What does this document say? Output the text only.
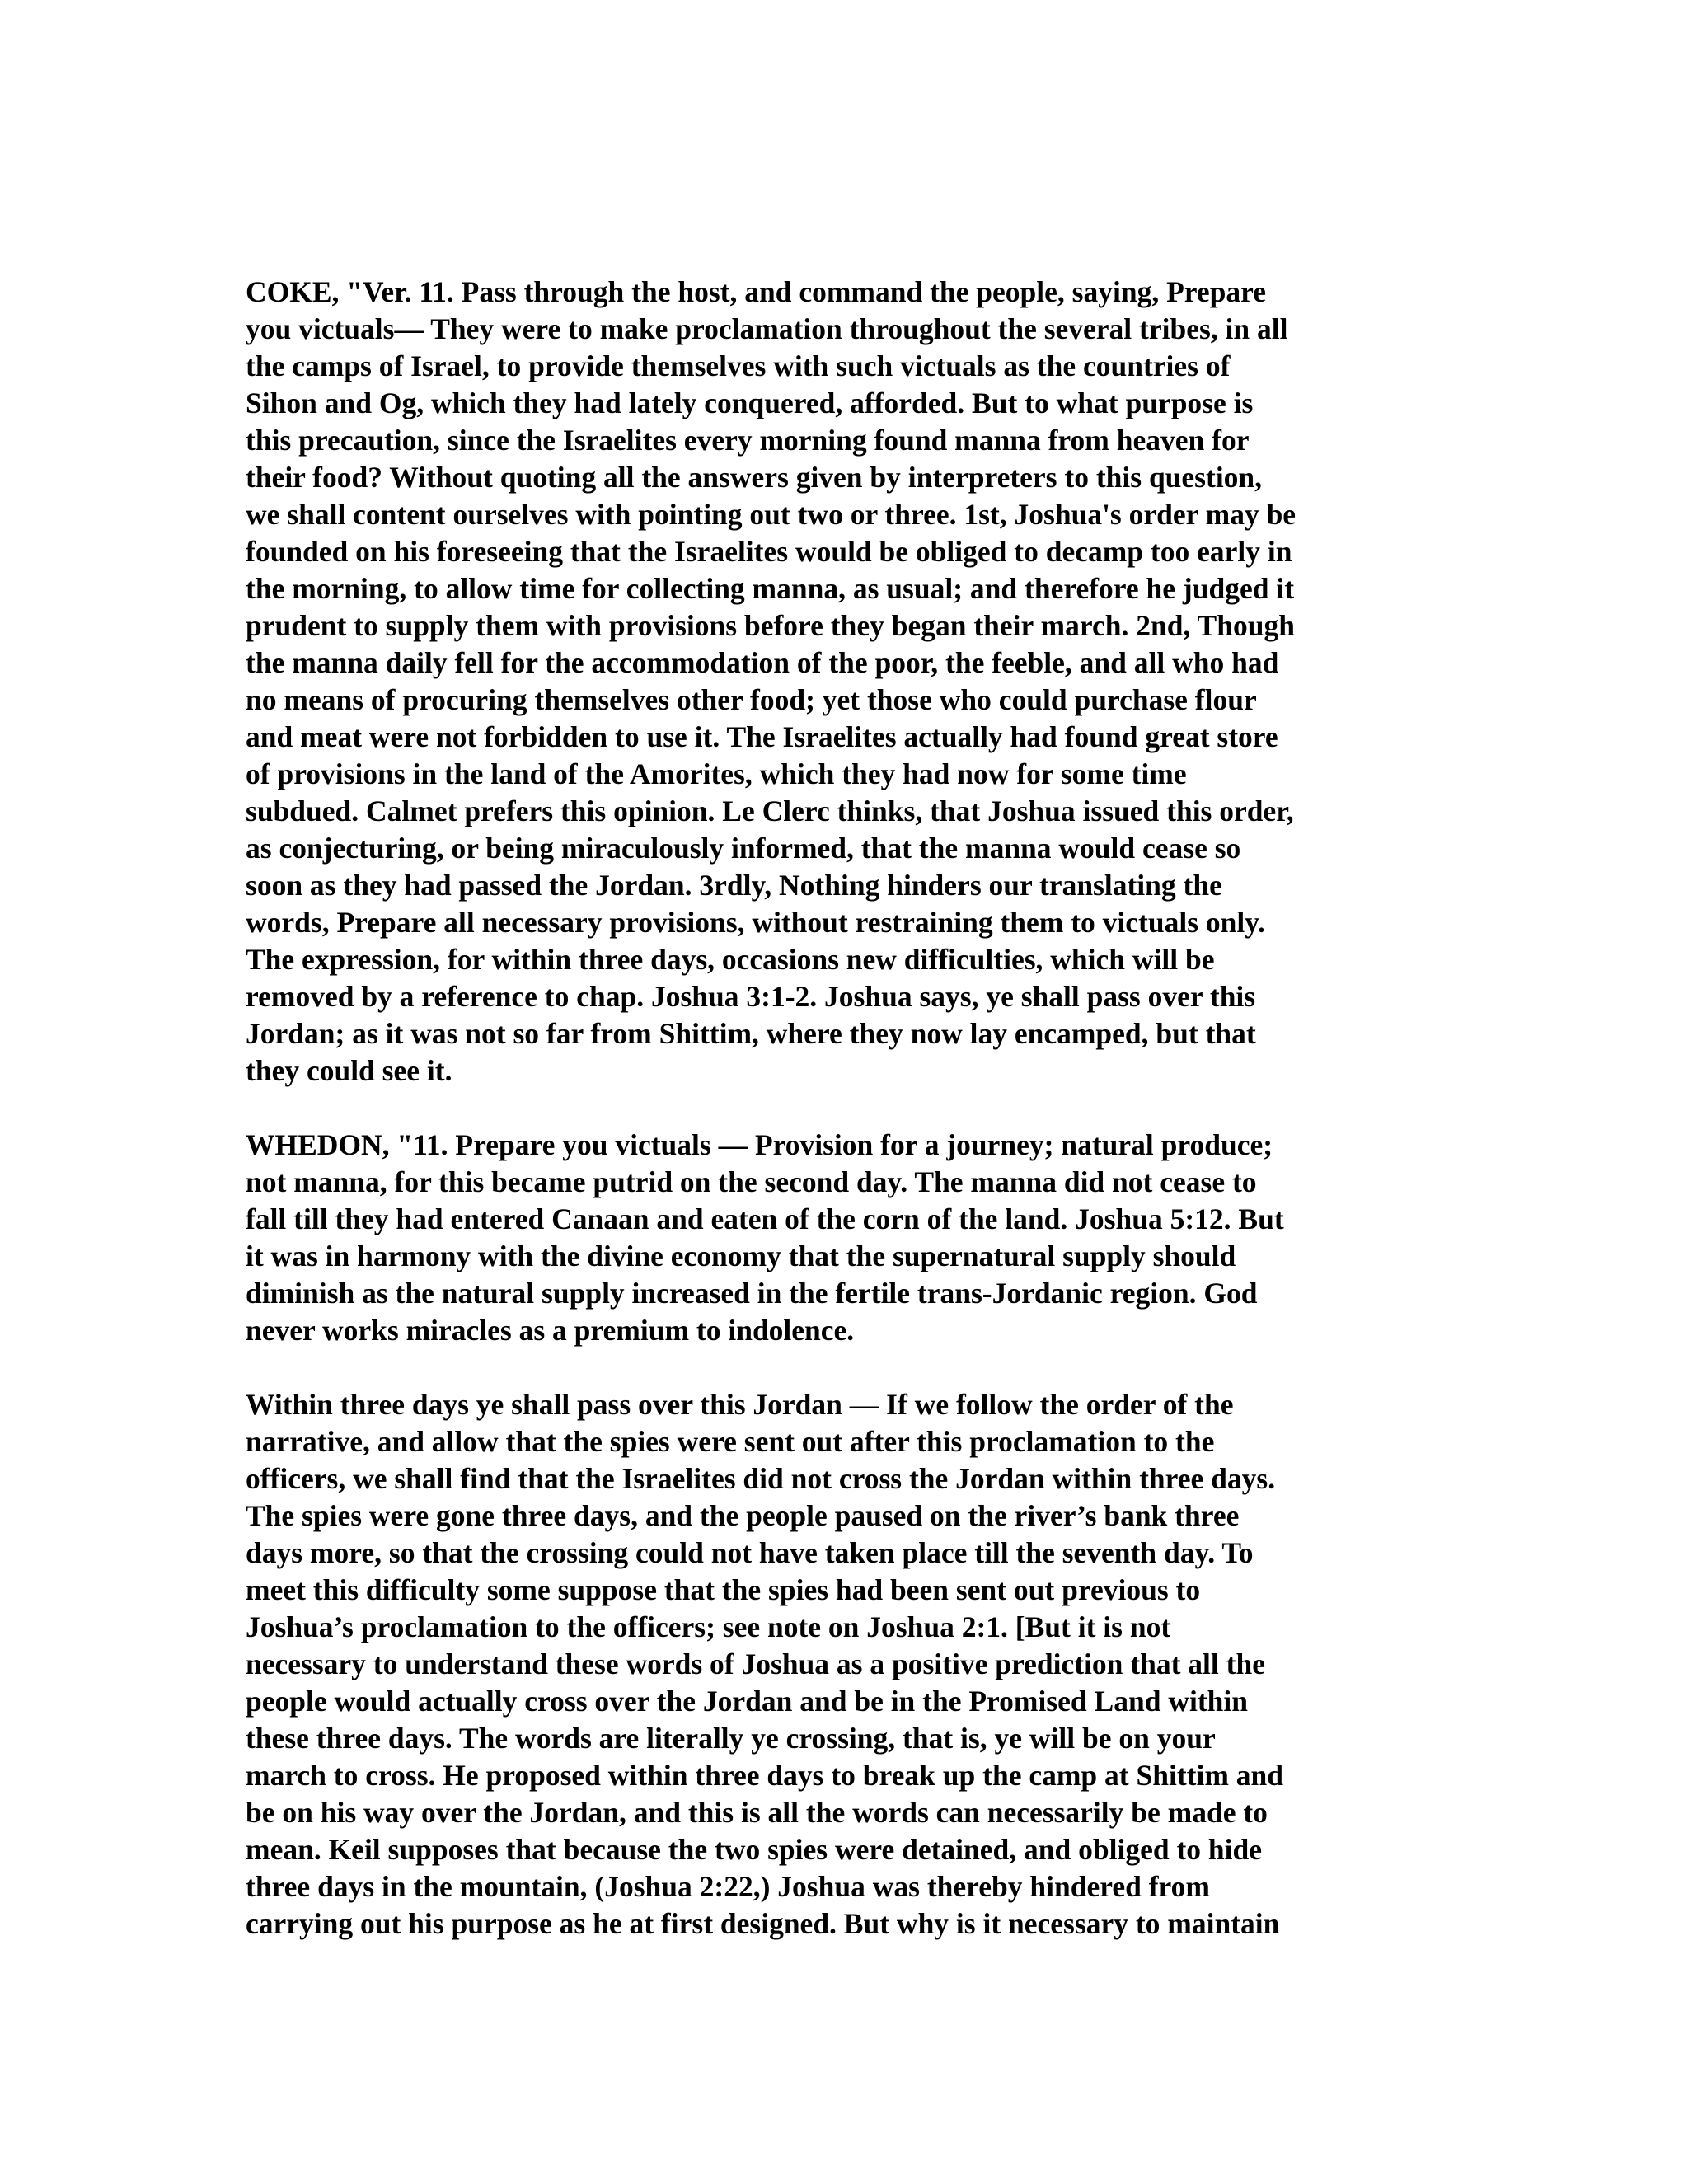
COKE, "Ver. 11. Pass through the host, and command the people, saying, Prepare
you victuals— They were to make proclamation throughout the several tribes, in all
the camps of Israel, to provide themselves with such victuals as the countries of
Sihon and Og, which they had lately conquered, afforded. But to what purpose is
this precaution, since the Israelites every morning found manna from heaven for
their food? Without quoting all the answers given by interpreters to this question,
we shall content ourselves with pointing out two or three. 1st, Joshua's order may be
founded on his foreseeing that the Israelites would be obliged to decamp too early in
the morning, to allow time for collecting manna, as usual; and therefore he judged it
prudent to supply them with provisions before they began their march. 2nd, Though
the manna daily fell for the accommodation of the poor, the feeble, and all who had
no means of procuring themselves other food; yet those who could purchase flour
and meat were not forbidden to use it. The Israelites actually had found great store
of provisions in the land of the Amorites, which they had now for some time
subdued. Calmet prefers this opinion. Le Clerc thinks, that Joshua issued this order,
as conjecturing, or being miraculously informed, that the manna would cease so
soon as they had passed the Jordan. 3rdly, Nothing hinders our translating the
words, Prepare all necessary provisions, without restraining them to victuals only.
The expression, for within three days, occasions new difficulties, which will be
removed by a reference to chap. Joshua 3:1-2. Joshua says, ye shall pass over this
Jordan; as it was not so far from Shittim, where they now lay encamped, but that
they could see it.
WHEDON, "11. Prepare you victuals — Provision for a journey; natural produce;
not manna, for this became putrid on the second day. The manna did not cease to
fall till they had entered Canaan and eaten of the corn of the land. Joshua 5:12. But
it was in harmony with the divine economy that the supernatural supply should
diminish as the natural supply increased in the fertile trans-Jordanic region. God
never works miracles as a premium to indolence.
Within three days ye shall pass over this Jordan — If we follow the order of the
narrative, and allow that the spies were sent out after this proclamation to the
officers, we shall find that the Israelites did not cross the Jordan within three days.
The spies were gone three days, and the people paused on the river’s bank three
days more, so that the crossing could not have taken place till the seventh day. To
meet this difficulty some suppose that the spies had been sent out previous to
Joshua’s proclamation to the officers; see note on Joshua 2:1. [But it is not
necessary to understand these words of Joshua as a positive prediction that all the
people would actually cross over the Jordan and be in the Promised Land within
these three days. The words are literally ye crossing, that is, ye will be on your
march to cross. He proposed within three days to break up the camp at Shittim and
be on his way over the Jordan, and this is all the words can necessarily be made to
mean. Keil supposes that because the two spies were detained, and obliged to hide
three days in the mountain, (Joshua 2:22,) Joshua was thereby hindered from
carrying out his purpose as he at first designed. But why is it necessary to maintain
